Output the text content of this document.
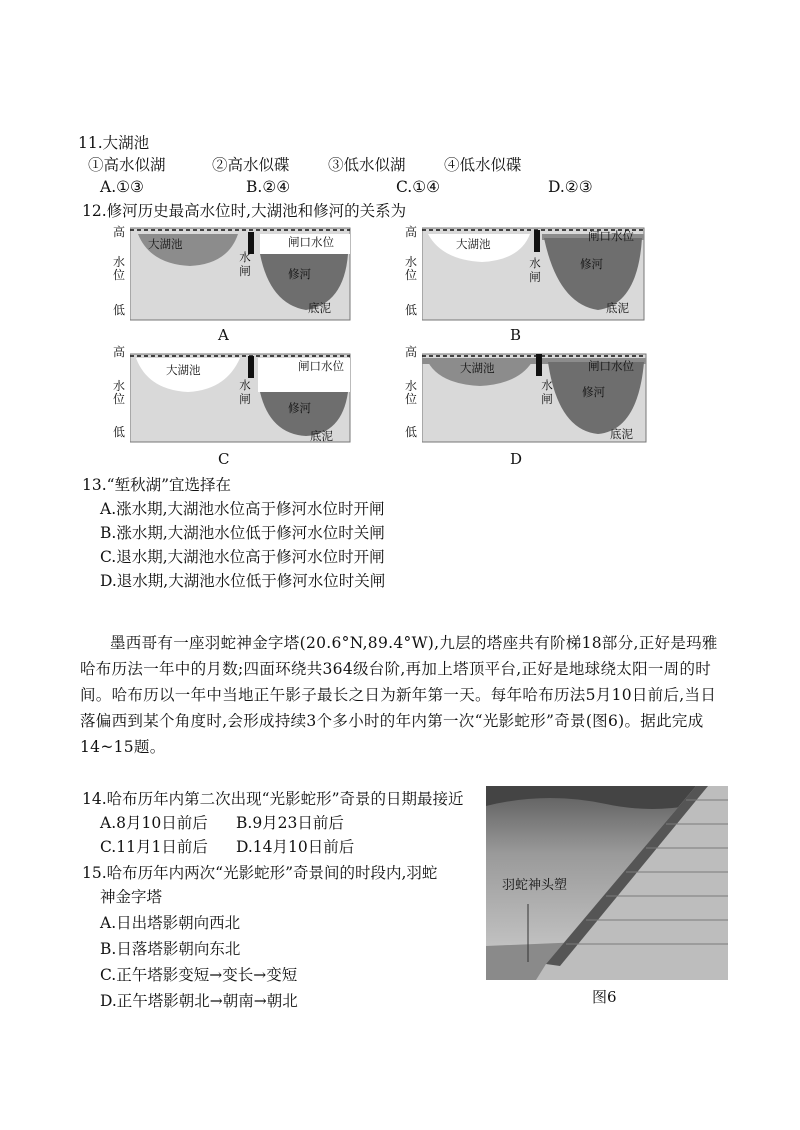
11.大湖池
①高水似湖	②高水似碟 ③低水似湖 ④低水似碟
A.①③	B.②④	C.①④	D.②③
12.修河历史最高水位时,大湖池和修河的关系为
高
水位
低
大湖池	闸口水位
水闸	修河
底泥
A
高
水位
低
大湖池
闸口水位
水闸
修河
底泥
B
高
水位
低
大湖池	闸口水位
水闸
修河
底泥
C
高
水位
低
大湖池	闸口水位
水闸	修河
底泥
D
13.“堑秋湖”宜选择在
A.涨水期,大湖池水位高于修河水位时开闸
B.涨水期,大湖池水位低于修河水位时关闸
C.退水期,大湖池水位高于修河水位时开闸
D.退水期,大湖池水位低于修河水位时关闸
墨西哥有一座羽蛇神金字塔(20.6°N,89.4°W),九层的塔座共有阶梯18部分,正好是玛雅哈布历法一年中的月数;四面环绕共364级台阶,再加上塔顶平台,正好是地球绕太阳一周的时间。哈布历以一年中当地正午影子最长之日为新年第一天。每年哈布历法5月10日前后,当日落偏西到某个角度时,会形成持续3个多小时的年内第一次“光影蛇形”奇景(图6)。据此完成14~15题。
14.哈布历年内第二次出现“光影蛇形”奇景的日期最接近
A.8月10日前后 B.9月23日前后
C.11月1日前后 D.14月10日前后
15.哈布历年内两次“光影蛇形”奇景间的时段内,羽蛇
神金字塔
A.日出塔影朝向西北
B.日落塔影朝向东北
C.正午塔影变短→变长→变短
D.正午塔影朝北→朝南→朝北
羽蛇神头塑
图6
